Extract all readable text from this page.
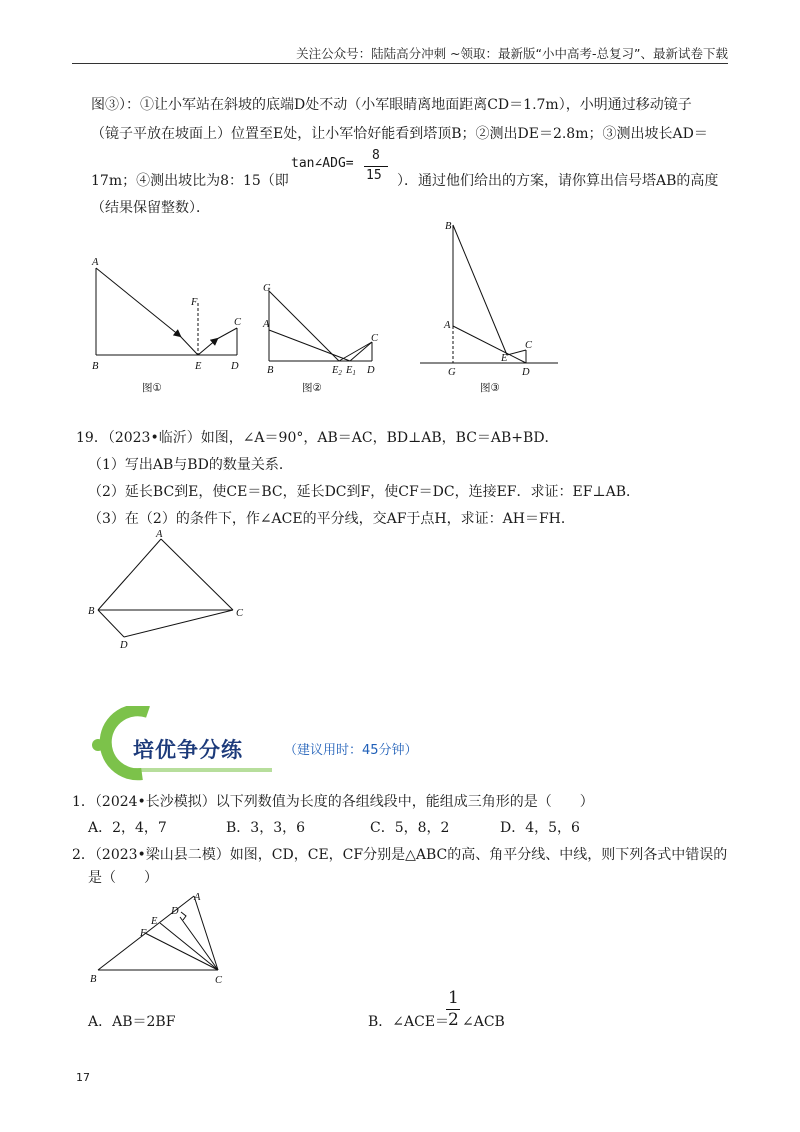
关注公众号：陆陆高分冲刺 ~领取：最新版“小中高考-总复习”、最新试卷下载
图③）：①让小军站在斜坡的底端D处不动（小军眼睛离地面距离CD＝1.7m），小明通过移动镜子
（镜子平放在坡面上）位置至E处，让小军恰好能看到塔顶B；②测出DE＝2.8m；③测出坡长AD＝
17m；④测出坡比为8：15（即
tan∠ADG=
8
15 ）．通过他们给出的方案，请你算出信号塔AB的高度
（结果保留整数）．
A
B	E	D
F
C
图①
G
A
B	E2 E1 D
C
图②
B
A
E
C
G	D
图③
19．（2023•临沂）如图，∠A＝90°，AB＝AC，BD⊥AB，BC＝AB+BD．
（1）写出AB与BD的数量关系．
（2）延长BC到E，使CE＝BC，延长DC到F，使CF＝DC，连接EF．求证：EF⊥AB．
（3）在（2）的条件下，作∠ACE的平分线，交AF于点H，求证：AH＝FH．
A
B	C
D
培优争分练	（建议用时：45分钟）
1．（2024•长沙模拟）以下列数值为长度的各组线段中，能组成三角形的是（　　）
A．2，4，7	B．3，3，6	C．5，8，2	D．4，5，6
2．（2023•梁山县二模）如图，CD，CE，CF分别是△ABC的高、角平分线、中线，则下列各式中错误的
是（　　）
A
D
E
F
B	C
A．AB＝2BF	B．∠ACE＝
1
2 ∠ACB
17
